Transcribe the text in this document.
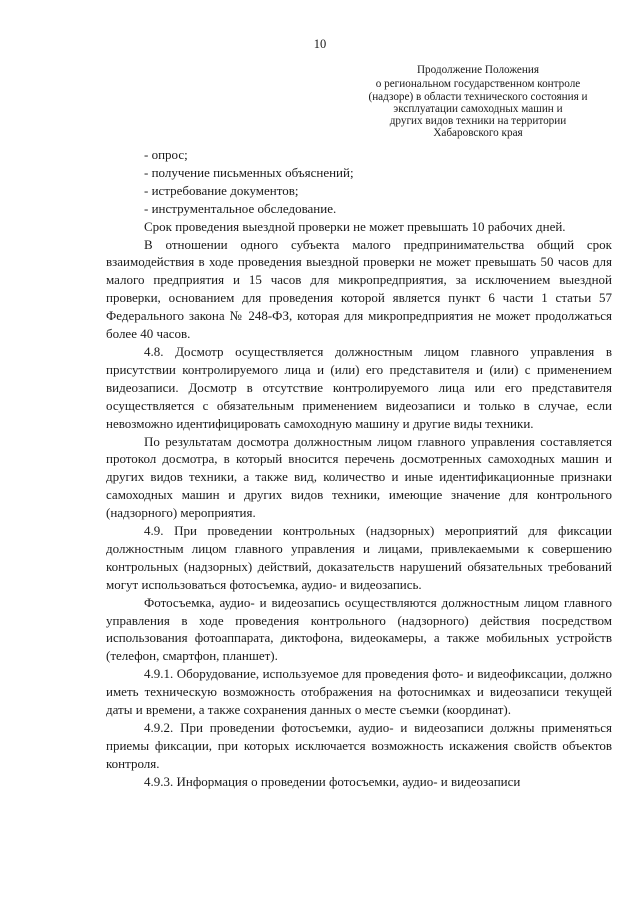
10
Продолжение Положения
о региональном государственном контроле
(надзоре) в области технического состояния и
эксплуатации самоходных машин и
других видов техники на территории
Хабаровского края

- опрос;

- получение письменных объяснений;

- истребование документов;

- инструментальное обследование.

Срок проведения выездной проверки не может превышать 10 рабочих дней.

В отношении одного субъекта малого предпринимательства общий срок взаимодействия в ходе проведения выездной проверки не может превышать 50 часов для малого предприятия и 15 часов для микропредприятия, за исключением выездной проверки, основанием для проведения которой является пункт 6 части 1 статьи 57 Федерального закона № 248-ФЗ, которая для микропредприятия не может продолжаться более 40 часов.

4.8. Досмотр осуществляется должностным лицом главного управления в присутствии контролируемого лица и (или) его представителя и (или) с применением видеозаписи. Досмотр в отсутствие контролируемого лица или его представителя осуществляется с обязательным применением видеозаписи и только в случае, если невозможно идентифицировать самоходную машину и другие виды техники.

По результатам досмотра должностным лицом главного управления составляется протокол досмотра, в который вносится перечень досмотренных самоходных машин и других видов техники, а также вид, количество и иные идентификационные признаки самоходных машин и других видов техники, имеющие значение для контрольного (надзорного) мероприятия.

4.9. При проведении контрольных (надзорных) мероприятий для фиксации должностным лицом главного управления и лицами, привлекаемыми к совершению контрольных (надзорных) действий, доказательств нарушений обязательных требований могут использоваться фотосъемка, аудио- и видеозапись.

Фотосъемка, аудио- и видеозапись осуществляются должностным лицом главного управления в ходе проведения контрольного (надзорного) действия посредством использования фотоаппарата, диктофона, видеокамеры, а также мобильных устройств (телефон, смартфон, планшет).

4.9.1. Оборудование, используемое для проведения фото- и видеофиксации, должно иметь техническую возможность отображения на фотоснимках и видеозаписи текущей даты и времени, а также сохранения данных о месте съемки (координат).

4.9.2. При проведении фотосъемки, аудио- и видеозаписи должны применяться приемы фиксации, при которых исключается возможность искажения свойств объектов контроля.

4.9.3. Информация о проведении фотосъемки, аудио- и видеозаписи
